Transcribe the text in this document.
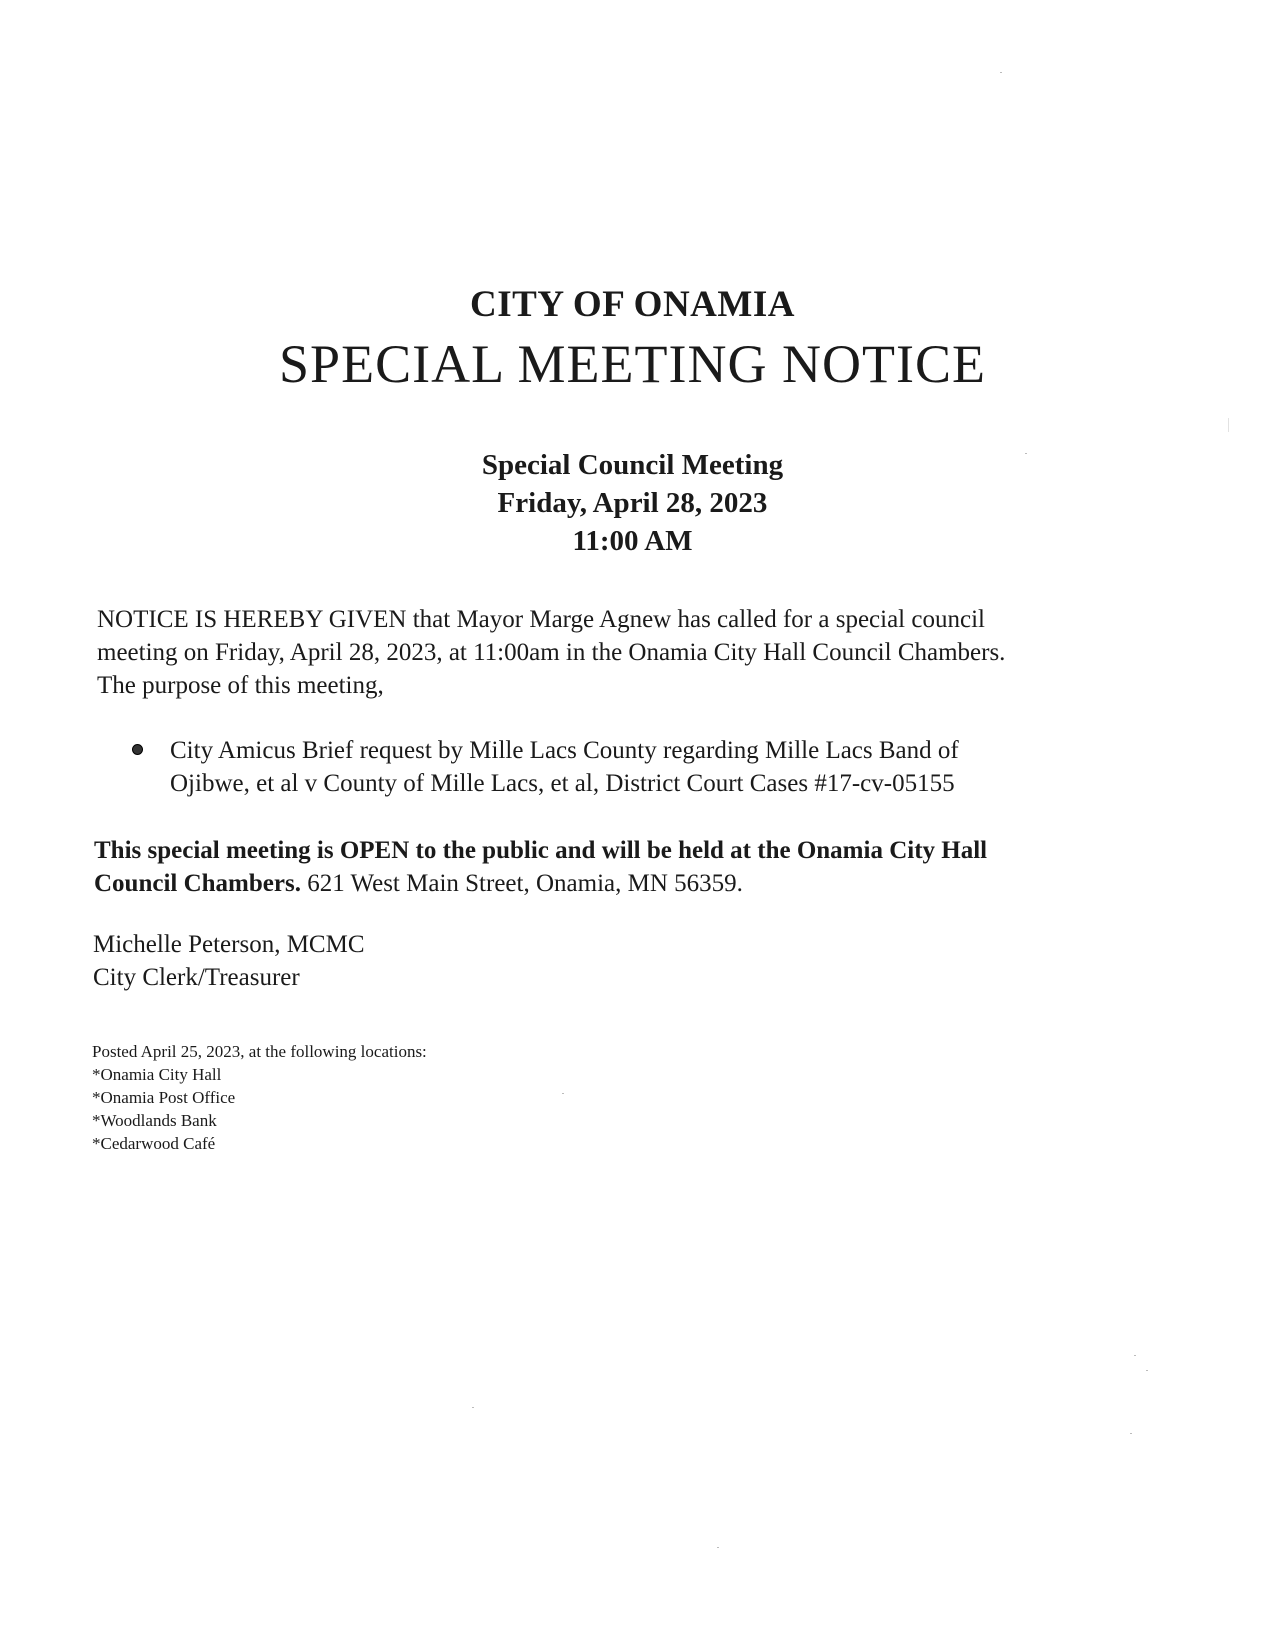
CITY OF ONAMIA
SPECIAL MEETING NOTICE
Special Council Meeting
Friday, April 28, 2023
11:00 AM
NOTICE IS HEREBY GIVEN that Mayor Marge Agnew has called for a special council
meeting on Friday, April 28, 2023, at 11:00am in the Onamia City Hall Council Chambers.
The purpose of this meeting,
City Amicus Brief request by Mille Lacs County regarding Mille Lacs Band of
Ojibwe, et al v County of Mille Lacs, et al, District Court Cases #17-cv-05155
This special meeting is OPEN to the public and will be held at the Onamia City Hall
Council Chambers. 621 West Main Street, Onamia, MN 56359.
Michelle Peterson, MCMC
City Clerk/Treasurer
Posted April 25, 2023, at the following locations:
*Onamia City Hall
*Onamia Post Office
*Woodlands Bank
*Cedarwood Café
